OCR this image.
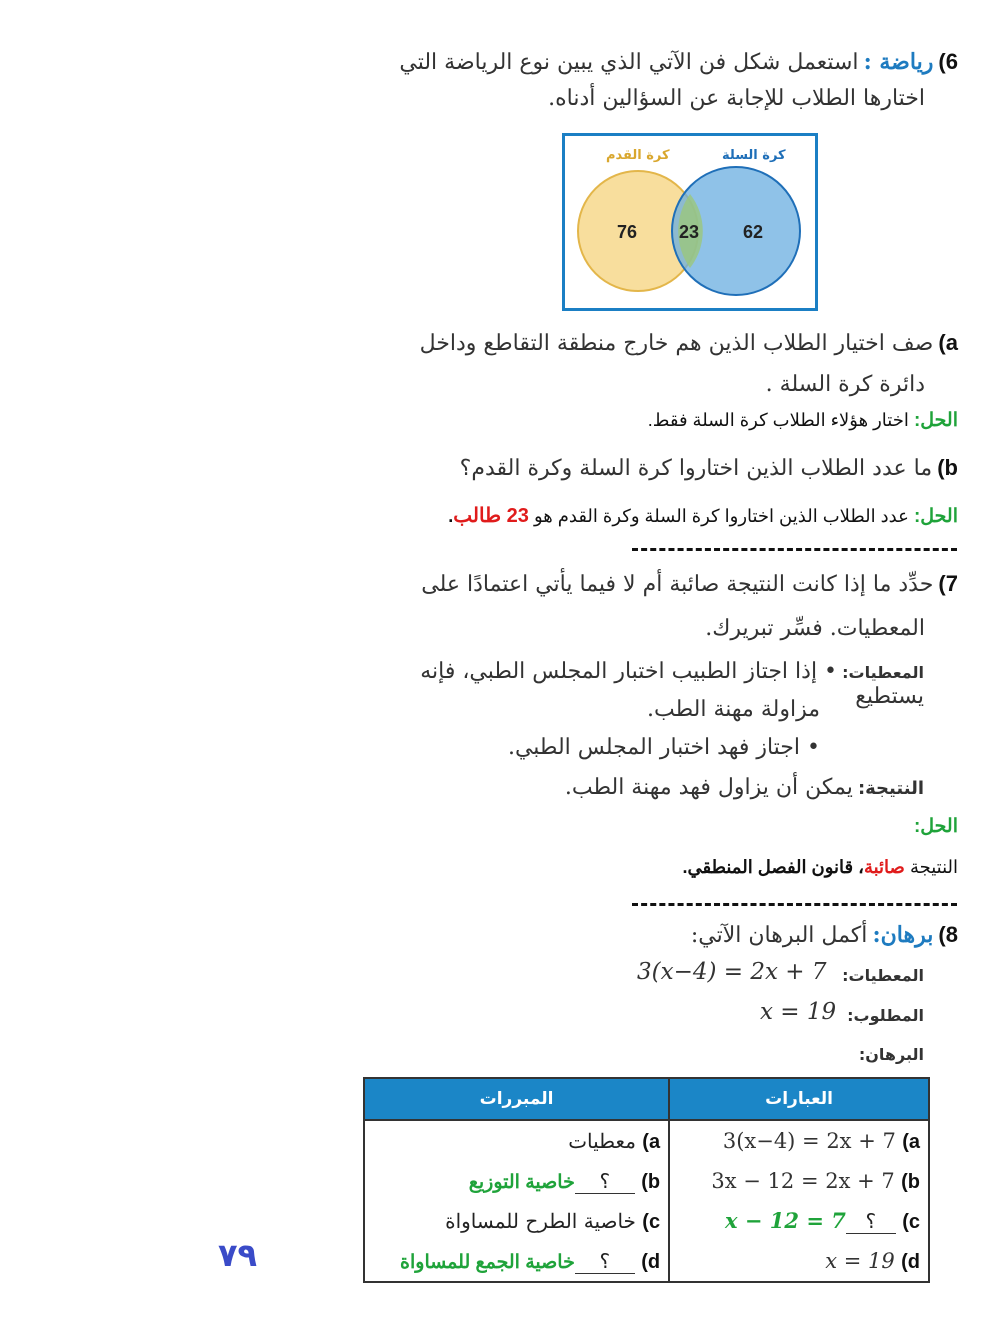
6) رياضة : استعمل شكل فن الآتي الذي يبين نوع الرياضة التي
اختارها الطلاب للإجابة عن السؤالين أدناه.
كرة القدم	كرة السلة
76 23 62
a) صف اختيار الطلاب الذين هم خارج منطقة التقاطع وداخل
دائرة كرة السلة .
الحل: اختار هؤلاء الطلاب كرة السلة فقط.
b) ما عدد الطلاب الذين اختاروا كرة السلة وكرة القدم؟
الحل: عدد الطلاب الذين اختاروا كرة السلة وكرة القدم هو 23 طالب.
7) حدِّد ما إذا كانت النتيجة صائبة أم لا فيما يأتي اعتمادًا على
المعطيات. فسِّر تبريرك.
المعطيات: • إذا اجتاز الطبيب اختبار المجلس الطبي، فإنه يستطيع
مزاولة مهنة الطب.
• اجتاز فهد اختبار المجلس الطبي.
النتيجة: يمكن أن يزاول فهد مهنة الطب.
الحل:
النتيجة صائبة، قانون الفصل المنطقي.
8) برهان: أكمل البرهان الآتي:
المعطيات:
3(x−4) = 2x + 7
المطلوب:
x = 19
البرهان:
المبررات	العبارات
(a معطيات	(a 3(x−4) = 2x + 7
(b ؟خاصية التوزيع	(b 3x − 12 = 2x + 7
(c خاصية الطرح للمساواة	(c ؟x − 12 = 7
(d ؟خاصية الجمع للمساواة	(d x = 19
٧٩
